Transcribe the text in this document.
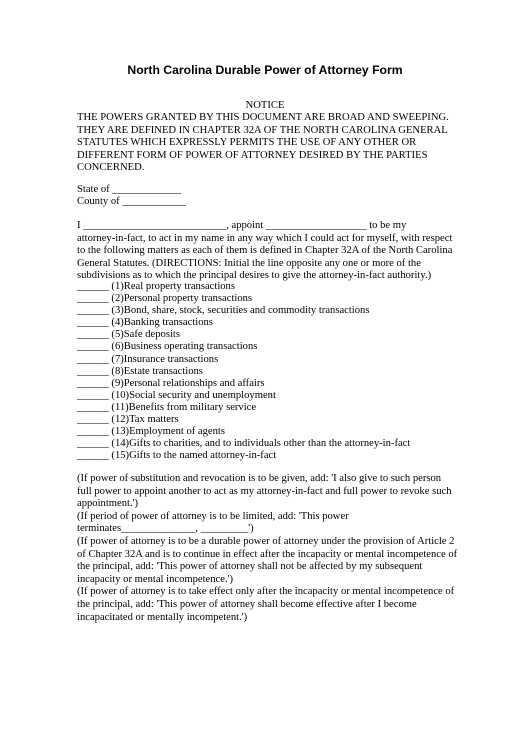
North Carolina Durable Power of Attorney Form
NOTICE
THE POWERS GRANTED BY THIS DOCUMENT ARE BROAD AND SWEEPING.
THEY ARE DEFINED IN CHAPTER 32A OF THE NORTH CAROLINA GENERAL
STATUTES WHICH EXPRESSLY PERMITS THE USE OF ANY OTHER OR
DIFFERENT FORM OF POWER OF ATTORNEY DESIRED BY THE PARTIES
CONCERNED.
State of _____________
County of ____________
I ___________________________, appoint ___________________ to be my
attorney-in-fact, to act in my name in any way which I could act for myself, with respect
to the following matters as each of them is defined in Chapter 32A of the North Carolina
General Statutes. (DIRECTIONS: Initial the line opposite any one or more of the
subdivisions as to which the principal desires to give the attorney-in-fact authority.)
______ (1)Real property transactions
______ (2)Personal property transactions
______ (3)Bond, share, stock, securities and commodity transactions
______ (4)Banking transactions
______ (5)Safe deposits
______ (6)Business operating transactions
______ (7)Insurance transactions
______ (8)Estate transactions
______ (9)Personal relationships and affairs
______ (10)Social security and unemployment
______ (11)Benefits from military service
______ (12)Tax matters
______ (13)Employment of agents
______ (14)Gifts to charities, and to individuals other than the attorney-in-fact
______ (15)Gifts to the named attorney-in-fact
(If power of substitution and revocation is to be given, add: 'I also give to such person
full power to appoint another to act as my attorney-in-fact and full power to revoke such
appointment.')
(If period of power of attorney is to be limited, add: 'This power
terminates______________, _________')
(If power of attorney is to be a durable power of attorney under the provision of Article 2
of Chapter 32A and is to continue in effect after the incapacity or mental incompetence of
the principal, add: 'This power of attorney shall not be affected by my subsequent
incapacity or mental incompetence.')
(If power of attorney is to take effect only after the incapacity or mental incompetence of
the principal, add: 'This power of attorney shall become effective after I become
incapacitated or mentally incompetent.')
